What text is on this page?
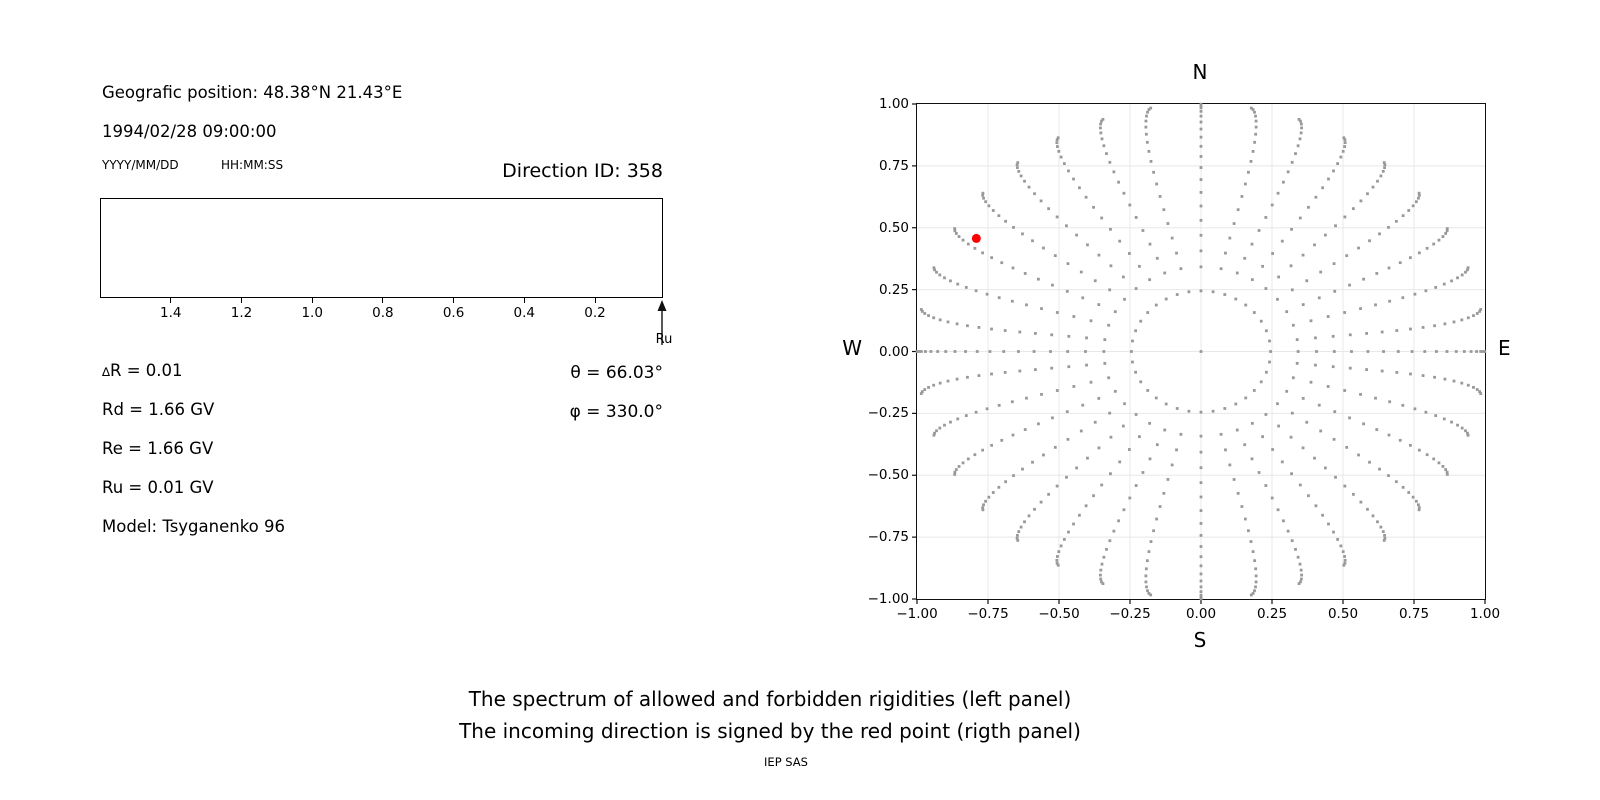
Geografic position: 48.38°N 21.43°E
1994/02/28 09:00:00
YYYY/MM/DD	HH:MM:SS	Direction ID: 358
1.4	1.2	1.0	0.8	0.6	0.4	0.2
Ru
∆R = 0.01
Rd = 1.66 GV
Re = 1.66 GV
Ru = 0.01 GV
Model: Tsyganenko 96
θ = 66.03°
φ = 330.0°
N
S
W	E
−1.00	−0.75	−0.50	−0.25	0.00	0.25	0.50	0.75	1.00
1.00
0.75
0.50
0.25
0.00
−0.25
−0.50
−0.75
−1.00
The spectrum of allowed and forbidden rigidities (left panel)
The incoming direction is signed by the red point (rigth panel)
IEP SAS
